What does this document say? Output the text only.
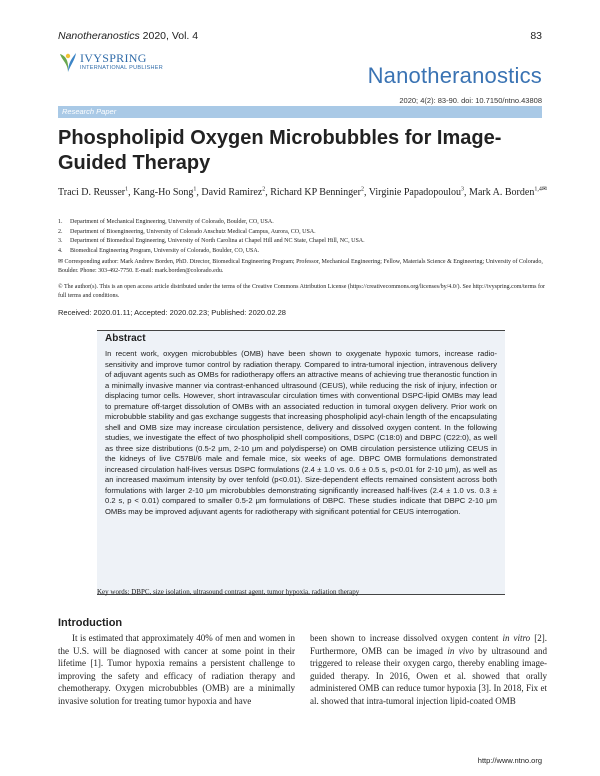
Nanotheranostics 2020, Vol. 4	83
IVYSPRING
INTERNATIONAL PUBLISHER	Nanotheranostics
2020; 4(2): 83-90. doi: 10.7150/ntno.43808
Research Paper
Phospholipid Oxygen Microbubbles for Image-Guided Therapy
Traci D. Reusser$^1$, Kang-Ho Song$^1$, David Ramirez$^2$, Richard KP Benninger$^2$, Virginie Papadopoulou$^3$, Mark A. Borden$^{1,4✉}$
1.	Department of Mechanical Engineering, University of Colorado, Boulder, CO, USA.
2.	Department of Bioengineering, University of Colorado Anschutz Medical Campus, Aurora, CO, USA.
3.	Department of Biomedical Engineering, University of North Carolina at Chapel Hill and NC State, Chapel Hill, NC, USA.
4.	Biomedical Engineering Program, University of Colorado, Boulder, CO, USA.
✉ Corresponding author: Mark Andrew Borden, PhD. Director, Biomedical Engineering Program; Professor, Mechanical Engineering; Fellow, Materials Science & Engineering; University of Colorado, Boulder. Phone: 303-492-7750. E-mail: mark.borden@colorado.edu.
© The author(s). This is an open access article distributed under the terms of the Creative Commons Attribution License (https://creativecommons.org/licenses/by/4.0/). See http://ivyspring.com/terms for full terms and conditions.
Received: 2020.01.11; Accepted: 2020.02.23; Published: 2020.02.28
Abstract

In recent work, oxygen microbubbles (OMB) have been shown to oxygenate hypoxic tumors, increase radio-sensitivity and improve tumor control by radiation therapy. Compared to intra-tumoral injection, intravenous delivery of adjuvant agents such as OMBs for radiotherapy offers an attractive means of achieving true theranostic function in a minimally invasive manner via contrast-enhanced ultrasound (CEUS), while reducing the risk of injury, infection or displacing tumor cells. However, short intravascular circulation times with conventional DSPC-lipid OMBs may lead to premature off-target dissolution of OMBs with an associated reduction in tumoral oxygen delivery. Prior work on microbubble stability and gas exchange suggests that increasing phospholipid acyl-chain length of the encapsulating shell and OMB size may increase circulation persistence, delivery and dissolved oxygen content. In the following studies, we investigate the effect of two phospholipid shell compositions, DSPC (C18:0) and DBPC (C22:0), as well as three size distributions (0.5-2 μm, 2-10 μm and polydisperse) on OMB circulation persistence utilizing CEUS in the kidneys of live C57Bl/6 male and female mice, six weeks of age. DBPC OMB formulations demonstrated increased circulation half-lives versus DSPC formulations (2.4 ± 1.0 vs. 0.6 ± 0.5 s, p<0.01 for 2-10 μm), as well as an increased maximum intensity by over tenfold (p<0.01). Size-dependent effects remained consistent across both formulations with larger 2-10 μm microbubbles demonstrating significantly increased half-lives (2.4 ± 1.0 vs. 0.3 ± 0.2 s, p < 0.01) compared to smaller 0.5-2 μm formulations of DBPC. These studies indicate that DBPC 2-10 μm OMBs may be improved adjuvant agents for radiotherapy with significant potential for CEUS interrogation.

Key words: DBPC, size isolation, ultrasound contrast agent, tumor hypoxia, radiation therapy
Introduction

It is estimated that approximately 40% of men and women in the U.S. will be diagnosed with cancer at some point in their lifetime [1]. Tumor hypoxia remains a persistent challenge to improving the safety and efficacy of radiation therapy and chemotherapy. Oxygen microbubbles (OMB) are a minimally invasive solution for treating tumor hypoxia and have

been shown to increase dissolved oxygen content in vitro [2]. Furthermore, OMB can be imaged in vivo by ultrasound and triggered to release their oxygen cargo, thereby enabling image-guided therapy. In 2016, Owen et al. showed that orally administered OMB can reduce tumor hypoxia [3]. In 2018, Fix et al. showed that intra-tumoral injection lipid-coated OMB

http://www.ntno.org
